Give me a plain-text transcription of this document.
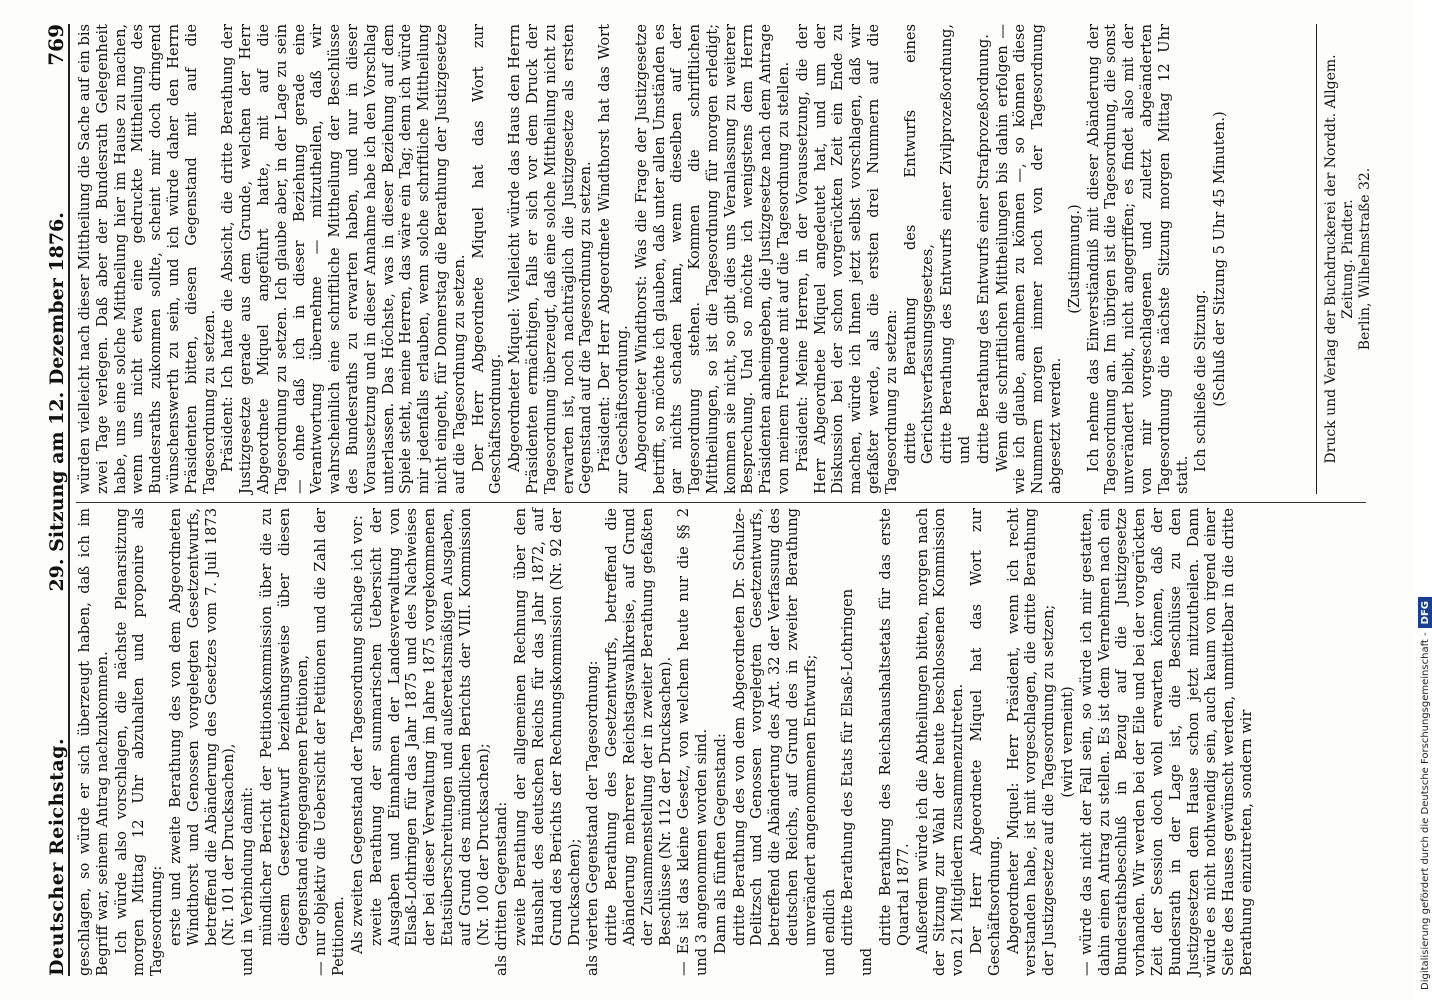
Deutscher Reichstag.
29. Sitzung am 12. Dezember 1876.
769

geschlagen, so würde er sich überzeugt haben, daß ich im Begriff war, seinem Antrag nachzukommen. Ich würde also vorschlagen, die nächste Plenarsitzung morgen Mittag 12 Uhr abzuhalten und proponire als Tagesordnung: erste und zweite Berathung des von dem Abgeordneten Windthorst und Genossen vorgelegten Gesetzentwurfs, betreffend die Abänderung des Gesetzes vom 7. Juli 1873 (Nr. 101 der Drucksachen), und in Verbindung damit: mündlicher Bericht der Petitionskommission über die zu diesem Gesetzentwurf beziehungsweise über diesen Gegenstand eingegangenen Petitionen, — nur objektiv die Uebersicht der Petitionen und die Zahl der Petitionen. Als zweiten Gegenstand der Tagesordnung schlage ich vor: zweite Berathung der summarischen Uebersicht der Ausgaben und Einnahmen der Landesverwaltung von Elsaß-Lothringen für das Jahr 1875 und des Nachweises der bei dieser Verwaltung im Jahre 1875 vorgekommenen Etatsüberschreitungen und außeretatsmäßigen Ausgaben, auf Grund des mündlichen Berichts der VIII. Kommission (Nr. 100 der Drucksachen); als dritten Gegenstand: zweite Berathung der allgemeinen Rechnung über den Haushalt des deutschen Reichs für das Jahr 1872, auf Grund des Berichts der Rechnungskommission (Nr. 92 der Drucksachen); als vierten Gegenstand der Tagesordnung: dritte Berathung des Gesetzentwurfs, betreffend die Abänderung mehrerer Reichstagswahlkreise, auf Grund der Zusammenstellung der in zweiter Berathung gefaßten Beschlüsse (Nr. 112 der Drucksachen). — Es ist das kleine Gesetz, von welchem heute nur die §§ 2 und 3 angenommen worden sind. Dann als fünften Gegenstand: dritte Berathung des von dem Abgeordneten Dr. Schulze-Delitzsch und Genossen vorgelegten Gesetzentwurfs, betreffend die Abänderung des Art. 32 der Verfassung des deutschen Reichs, auf Grund des in zweiter Berathung unverändert angenommenen Entwurfs; und endlich dritte Berathung des Etats für Elsaß-Lothringen

und

dritte Berathung des Reichshaushaltsetats für das erste Quartal 1877. Außerdem würde ich die Abtheilungen bitten, morgen nach der Sitzung zur Wahl der heute beschlossenen Kommission von 21 Mitgliedern zusammenzutreten. Der Herr Abgeordnete Miquel hat das Wort zur Geschäftsordnung. Abgeordneter Miquel: Herr Präsident, wenn ich recht verstanden habe, ist mit vorgeschlagen, die dritte Berathung der Justizgesetze auf die Tagesordnung zu setzen; (wird verneint) — würde das nicht der Fall sein, so würde ich mir gestatten, dahin einen Antrag zu stellen. Es ist dem Vernehmen nach ein Bundesrathsbeschluß in Bezug auf die Justizgesetze vorhanden. Wir werden bei der Eile und bei der vorgerückten Zeit der Session doch wohl erwarten können, daß der Bundesrath in der Lage ist, die Beschlüsse zu den Justizgesetzen dem Hause schon jetzt mitzutheilen. Dann würde es nicht nothwendig sein, auch kaum von irgend einer Seite des Hauses gewünscht werden, unmittelbar in die dritte Berathung einzutreten, sondern wir

würden vielleicht nach dieser Mittheilung die Sache auf ein bis zwei Tage verlegen. Daß aber der Bundesrath Gelegenheit habe, uns eine solche Mittheilung hier im Hause zu machen, wenn uns nicht etwa eine gedruckte Mittheilung des Bundesraths zukommen sollte, scheint mir doch dringend wünschenswerth zu sein, und ich würde daher den Herrn Präsidenten bitten, diesen Gegenstand mit auf die Tagesordnung zu setzen. Präsident: Ich hatte die Absicht, die dritte Berathung der Justizgesetze gerade aus dem Grunde, welchen der Herr Abgeordnete Miquel angeführt hatte, mit auf die Tagesordnung zu setzen. Ich glaube aber, in der Lage zu sein — ohne daß ich in dieser Beziehung gerade eine Verantwortung übernehme — mitzutheilen, daß wir wahrscheinlich eine schriftliche Mittheilung der Beschlüsse des Bundesraths zu erwarten haben, und nur in dieser Voraussetzung und in dieser Annahme habe ich den Vorschlag unterlassen. Das Höchste, was in dieser Beziehung auf dem Spiele steht, meine Herren, das wäre ein Tag; denn ich würde mir jedenfalls erlauben, wenn solche schriftliche Mittheilung nicht eingeht, für Donnerstag die Berathung der Justizgesetze auf die Tagesordnung zu setzen. Der Herr Abgeordnete Miquel hat das Wort zur Geschäftsordnung. Abgeordneter Miquel: Vielleicht würde das Haus den Herrn Präsidenten ermächtigen, falls er sich vor dem Druck der Tagesordnung überzeugt, daß eine solche Mittheilung nicht zu erwarten ist, noch nachträglich die Justizgesetze als ersten Gegenstand auf die Tagesordnung zu setzen. Präsident: Der Herr Abgeordnete Windthorst hat das Wort zur Geschäftsordnung. Abgeordneter Windthorst: Was die Frage der Justizgesetze betrifft, so möchte ich glauben, daß unter allen Umständen es gar nichts schaden kann, wenn dieselben auf der Tagesordnung stehen. Kommen die schriftlichen Mittheilungen, so ist die Tagesordnung für morgen erledigt; kommen sie nicht, so gibt dies uns Veranlassung zu weiterer Besprechung. Und so möchte ich wenigstens dem Herrn Präsidenten anheimgeben, die Justizgesetze nach dem Antrage von meinem Freunde mit auf die Tagesordnung zu stellen. Präsident: Meine Herren, in der Voraussetzung, die der Herr Abgeordnete Miquel angedeutet hat, und um der Diskussion bei der schon vorgerückten Zeit ein Ende zu machen, würde ich Ihnen jetzt selbst vorschlagen, daß wir gefaßter werde, als die ersten drei Nummern auf die Tagesordnung zu setzen: dritte Berathung des Entwurfs eines Gerichtsverfassungsgesetzes, dritte Berathung des Entwurfs einer Zivilprozeßordnung, und dritte Berathung des Entwurfs einer Strafprozeßordnung. Wenn die schriftlichen Mittheilungen bis dahin erfolgen — wie ich glaube, annehmen zu können —, so können diese Nummern morgen immer noch von der Tagesordnung abgesetzt werden.

(Zustimmung.) Ich nehme das Einverständniß mit dieser Abänderung der Tagesordnung an. Im übrigen ist die Tagesordnung, die sonst unverändert bleibt, nicht angegriffen; es findet also mit der von mir vorgeschlagenen und zuletzt abgeänderten Tagesordnung die nächste Sitzung morgen Mittag 12 Uhr statt.

Ich schließe die Sitzung. (Schluß der Sitzung 5 Uhr 45 Minuten.)	Druck und Verlag der Buchdruckerei der Norddt. Allgem. Zeitung. Pindter. Berlin, Wilhelmstraße 32.
Digitalisierung gefördert durch die Deutsche Forschungsgemeinschaft -DFG
